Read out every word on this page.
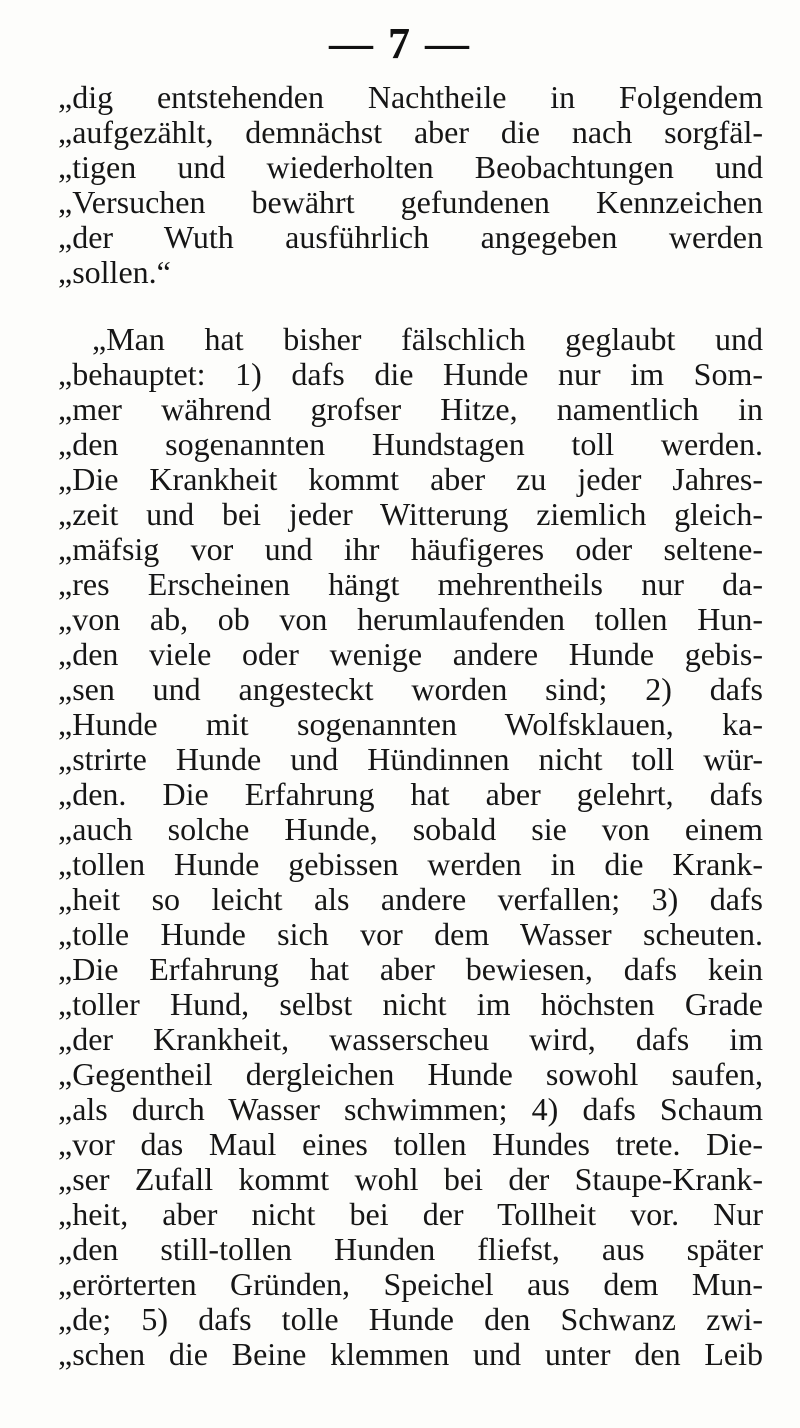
— 7 —
„dig entstehenden Nachtheile in Folgendem
„aufgezählt, demnächst aber die nach sorgfäl-
„tigen und wiederholten Beobachtungen und
„Versuchen bewährt gefundenen Kennzeichen
„der Wuth ausführlich angegeben werden
„sollen.“
„Man hat bisher fälschlich geglaubt und
„behauptet: 1) dafs die Hunde nur im Som-
„mer während grofser Hitze, namentlich in
„den sogenannten Hundstagen toll werden.
„Die Krankheit kommt aber zu jeder Jahres-
„zeit und bei jeder Witterung ziemlich gleich-
„mäfsig vor und ihr häufigeres oder seltene-
„res Erscheinen hängt mehrentheils nur da-
„von ab, ob von herumlaufenden tollen Hun-
„den viele oder wenige andere Hunde gebis-
„sen und angesteckt worden sind; 2) dafs
„Hunde mit sogenannten Wolfsklauen, ka-
„strirte Hunde und Hündinnen nicht toll wür-
„den. Die Erfahrung hat aber gelehrt, dafs
„auch solche Hunde, sobald sie von einem
„tollen Hunde gebissen werden in die Krank-
„heit so leicht als andere verfallen; 3) dafs
„tolle Hunde sich vor dem Wasser scheuten.
„Die Erfahrung hat aber bewiesen, dafs kein
„toller Hund, selbst nicht im höchsten Grade
„der Krankheit, wasserscheu wird, dafs im
„Gegentheil dergleichen Hunde sowohl saufen,
„als durch Wasser schwimmen; 4) dafs Schaum
„vor das Maul eines tollen Hundes trete. Die-
„ser Zufall kommt wohl bei der Staupe-Krank-
„heit, aber nicht bei der Tollheit vor. Nur
„den still-tollen Hunden fliefst, aus später
„erörterten Gründen, Speichel aus dem Mun-
„de; 5) dafs tolle Hunde den Schwanz zwi-
„schen die Beine klemmen und unter den Leib
